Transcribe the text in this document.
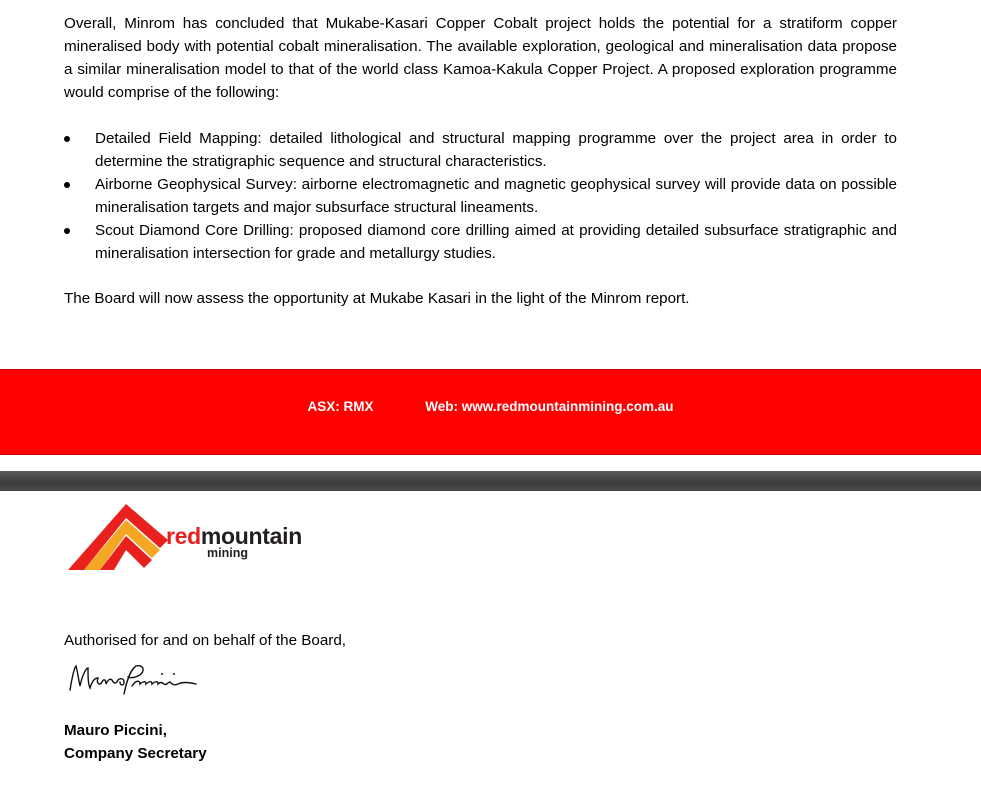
Overall, Minrom has concluded that Mukabe-Kasari Copper Cobalt project holds the potential for a stratiform copper mineralised body with potential cobalt mineralisation. The available exploration, geological and mineralisation data propose a similar mineralisation model to that of the world class Kamoa-Kakula Copper Project. A proposed exploration programme would comprise of the following:

Detailed Field Mapping: detailed lithological and structural mapping programme over the project area in order to determine the stratigraphic sequence and structural characteristics.
Airborne Geophysical Survey: airborne electromagnetic and magnetic geophysical survey will provide data on possible mineralisation targets and major subsurface structural lineaments.
Scout Diamond Core Drilling: proposed diamond core drilling aimed at providing detailed subsurface stratigraphic and mineralisation intersection for grade and metallurgy studies.

The Board will now assess the opportunity at Mukabe Kasari in the light of the Minrom report.

ASX: RMX	Web: www.redmountainmining.com.au
redmountain
mining
Authorised for and on behalf of the Board,
Mauro Piccini,
Company Secretary
